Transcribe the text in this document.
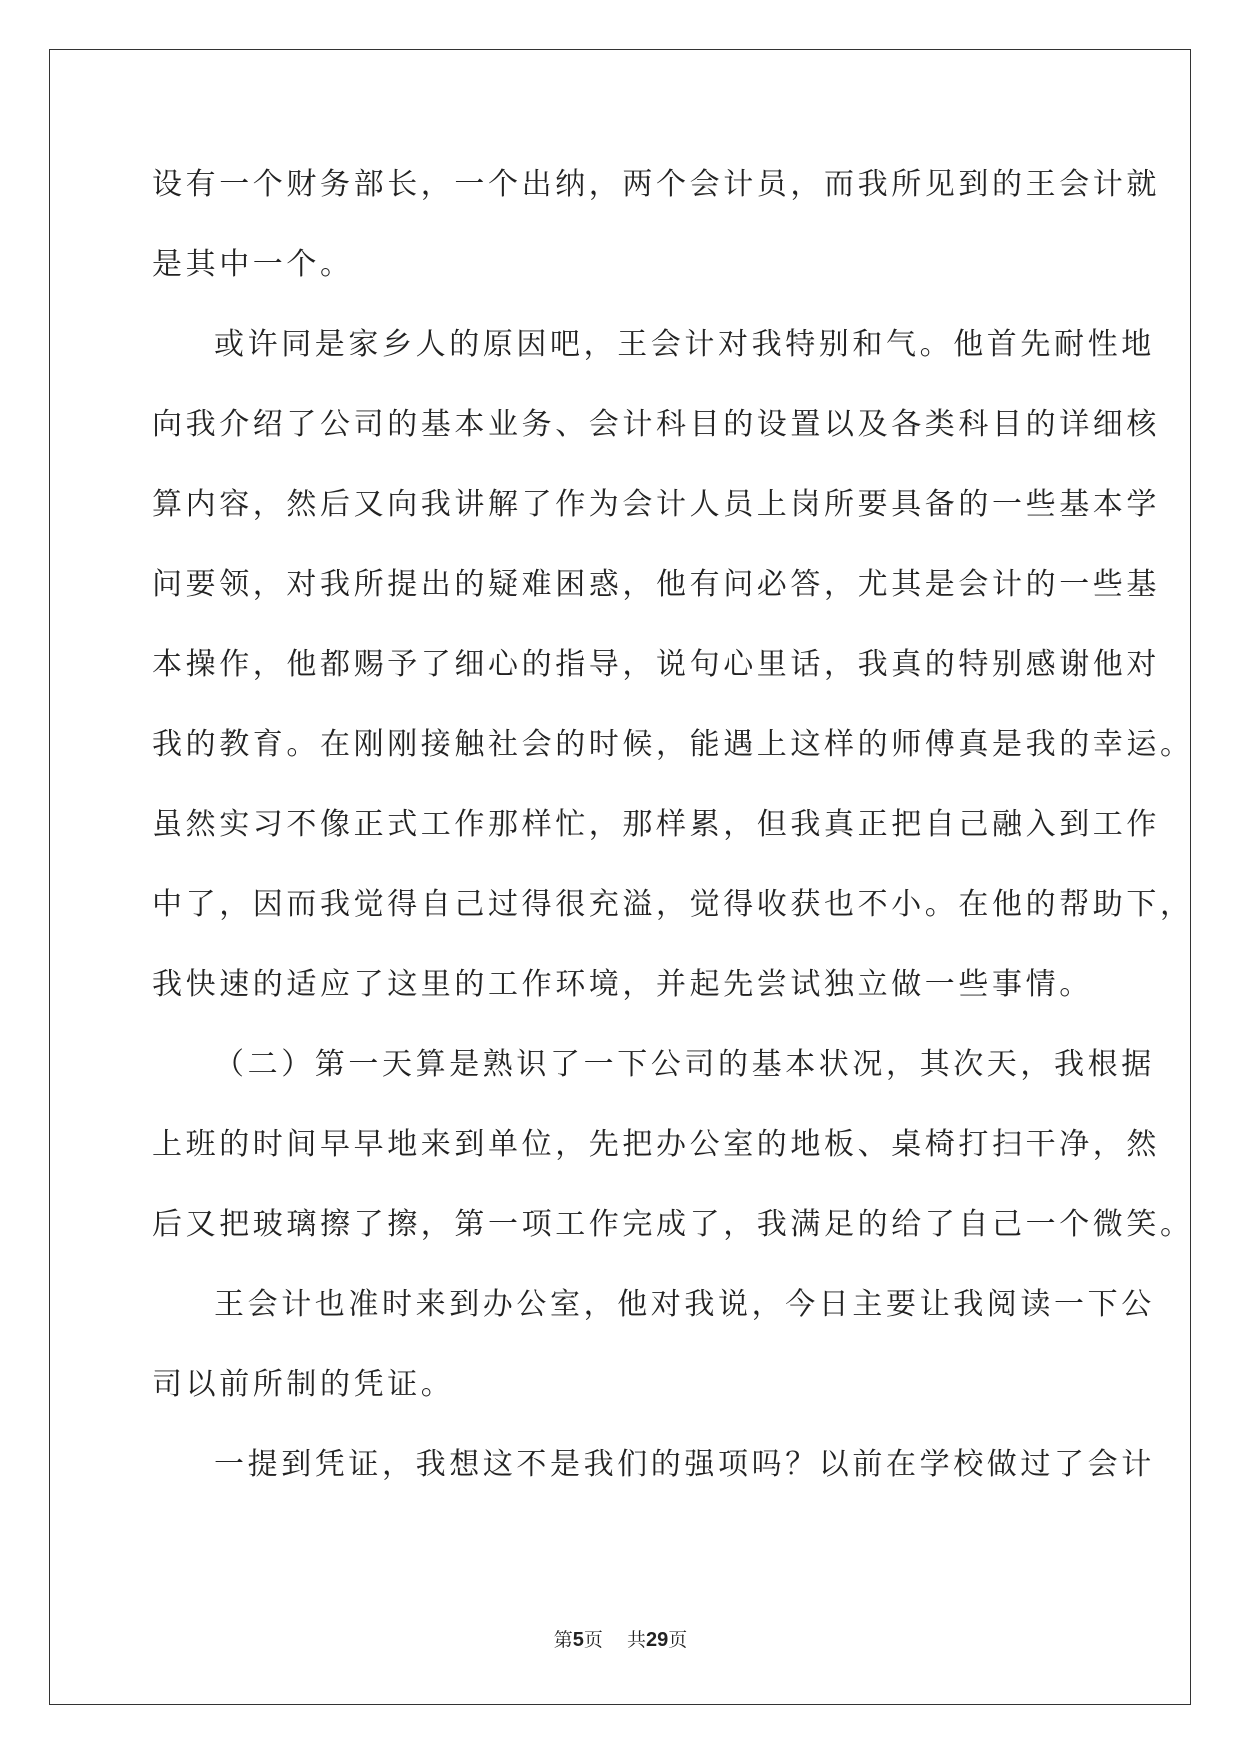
设有一个财务部长，一个出纳，两个会计员，而我所见到的王会计就
是其中一个。
或许同是家乡人的原因吧，王会计对我特别和气。他首先耐性地
向我介绍了公司的基本业务、会计科目的设置以及各类科目的详细核
算内容，然后又向我讲解了作为会计人员上岗所要具备的一些基本学
问要领，对我所提出的疑难困惑，他有问必答，尤其是会计的一些基
本操作，他都赐予了细心的指导，说句心里话，我真的特别感谢他对
我的教育。在刚刚接触社会的时候，能遇上这样的师傅真是我的幸运。
虽然实习不像正式工作那样忙，那样累，但我真正把自己融入到工作
中了，因而我觉得自己过得很充溢，觉得收获也不小。在他的帮助下，
我快速的适应了这里的工作环境，并起先尝试独立做一些事情。
（二）第一天算是熟识了一下公司的基本状况，其次天，我根据
上班的时间早早地来到单位，先把办公室的地板、桌椅打扫干净，然
后又把玻璃擦了擦，第一项工作完成了，我满足的给了自己一个微笑。
王会计也准时来到办公室，他对我说，今日主要让我阅读一下公
司以前所制的凭证。
一提到凭证，我想这不是我们的强项吗？以前在学校做过了会计
第5页 共29页
